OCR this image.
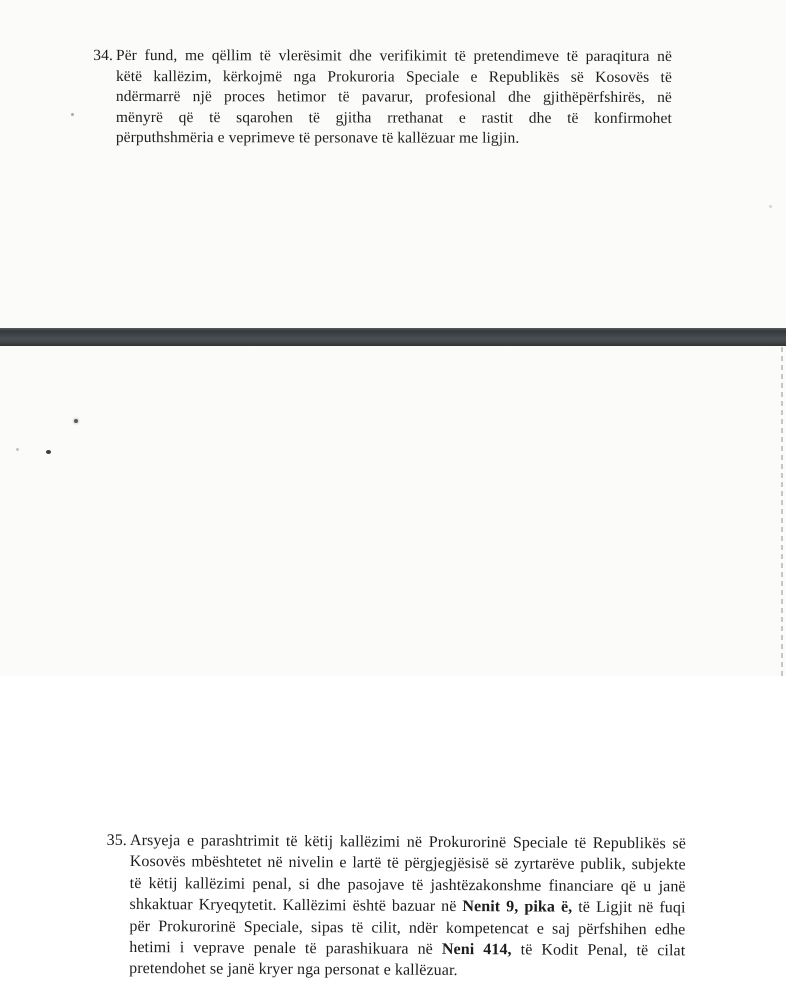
34. Për fund, me qëllim të vlerësimit dhe verifikimit të pretendimeve të paraqitura në
këtë kallëzim, kërkojmë nga Prokuroria Speciale e Republikës së Kosovës të
ndërmarrë një proces hetimor të pavarur, profesional dhe gjithëpërfshirës, në
mënyrë që të sqarohen të gjitha rrethanat e rastit dhe të konfirmohet
përputhshmëria e veprimeve të personave të kallëzuar me ligjin.
35. Arsyeja e parashtrimit të këtij kallëzimi në Prokurorinë Speciale të Republikës së
Kosovës mbështetet në nivelin e lartë të përgjegjësisë së zyrtarëve publik, subjekte
të këtij kallëzimi penal, si dhe pasojave të jashtëzakonshme financiare që u janë
shkaktuar Kryeqytetit. Kallëzimi është bazuar në Nenit 9, pika ë, të Ligjit në fuqi
për Prokurorinë Speciale, sipas të cilit, ndër kompetencat e saj përfshihen edhe
hetimi i veprave penale të parashikuara në Neni 414, të Kodit Penal, të cilat
pretendohet se janë kryer nga personat e kallëzuar.
